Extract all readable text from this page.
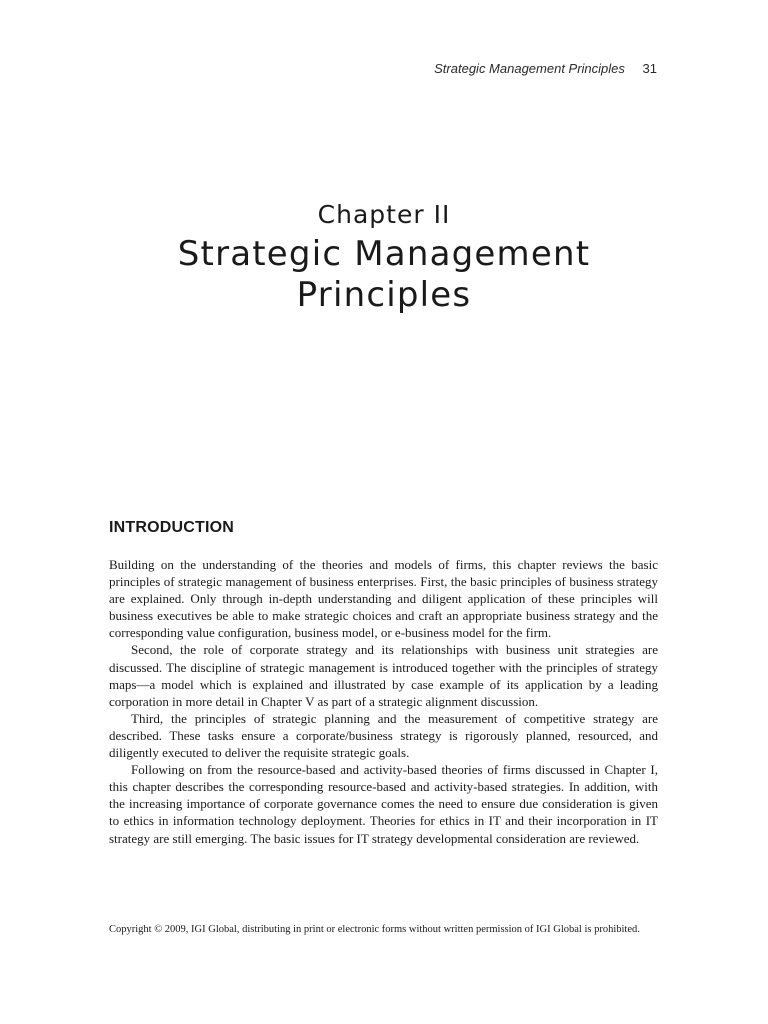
Strategic Management Principles 31
Chapter II
Strategic Management Principles
INTRODUCTION

Building on the understanding of the theories and models of firms, this chapter reviews the basic principles of strategic management of business enterprises. First, the basic principles of business strategy are explained. Only through in-depth understanding and diligent application of these principles will business executives be able to make strategic choices and craft an appropriate business strategy and the corresponding value configuration, business model, or e-business model for the firm.

Second, the role of corporate strategy and its relationships with business unit strategies are discussed. The discipline of strategic management is introduced together with the principles of strategy maps—a model which is explained and illustrated by case example of its application by a leading corporation in more detail in Chapter V as part of a strategic alignment discussion.

Third, the principles of strategic planning and the measurement of competitive strategy are described. These tasks ensure a corporate/business strategy is rigorously planned, resourced, and diligently executed to deliver the requisite strategic goals.

Following on from the resource-based and activity-based theories of firms discussed in Chapter I, this chapter describes the corresponding resource-based and activity-based strategies. In addition, with the increasing importance of corporate governance comes the need to ensure due consideration is given to ethics in information technology deployment. Theories for ethics in IT and their incorporation in IT strategy are still emerging. The basic issues for IT strategy developmental consideration are reviewed.

Copyright © 2009, IGI Global, distributing in print or electronic forms without written permission of IGI Global is prohibited.
